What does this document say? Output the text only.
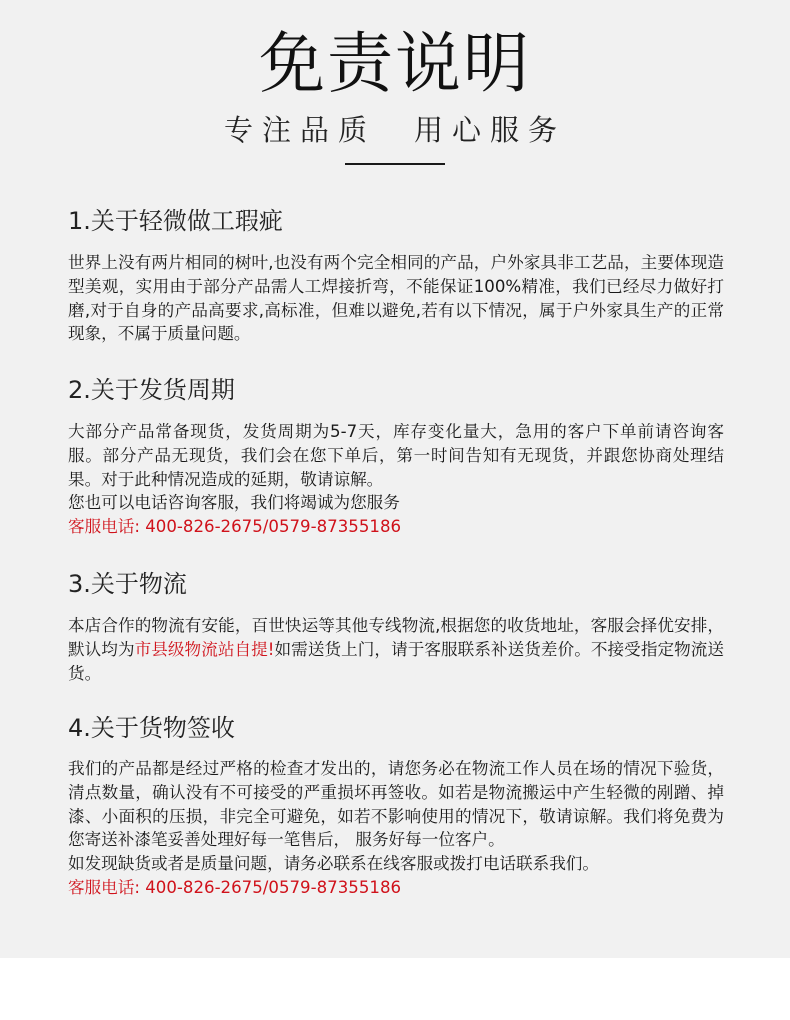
免责说明
专注品质 用心服务
1.关于轻微做工瑕疵

世界上没有两片相同的树叶,也没有两个完全相同的产品，户外家具非工艺品，主要体现造型美观，实用由于部分产品需人工焊接折弯，不能保证100%精准，我们已经尽力做好打磨,对于自身的产品高要求,高标准，但难以避免,若有以下情况，属于户外家具生产的正常现象，不属于质量问题。

2.关于发货周期
大部分产品常备现货，发货周期为5-7天，库存变化量大，急用的客户下单前请咨询客服。部分产品无现货，我们会在您下单后，第一时间告知有无现货，并跟您协商处理结果。对于此种情况造成的延期，敬请谅解。
您也可以电话咨询客服，我们将竭诚为您服务
客服电话: 400-826-2675/0579-87355186
3.关于物流

本店合作的物流有安能，百世快运等其他专线物流,根据您的收货地址，客服会择优安排，默认均为市县级物流站自提!如需送货上门，请于客服联系补送货差价。不接受指定物流送货。

4.关于货物签收
我们的产品都是经过严格的检查才发出的，请您务必在物流工作人员在场的情况下验货，清点数量，确认没有不可接受的严重损坏再签收。如若是物流搬运中产生轻微的剐蹭、掉漆、小面积的压损，非完全可避免，如若不影响使用的情况下，敬请谅解。我们将免费为您寄送补漆笔妥善处理好每一笔售后， 服务好每一位客户。
如发现缺货或者是质量问题，请务必联系在线客服或拨打电话联系我们。
客服电话: 400-826-2675/0579-87355186
